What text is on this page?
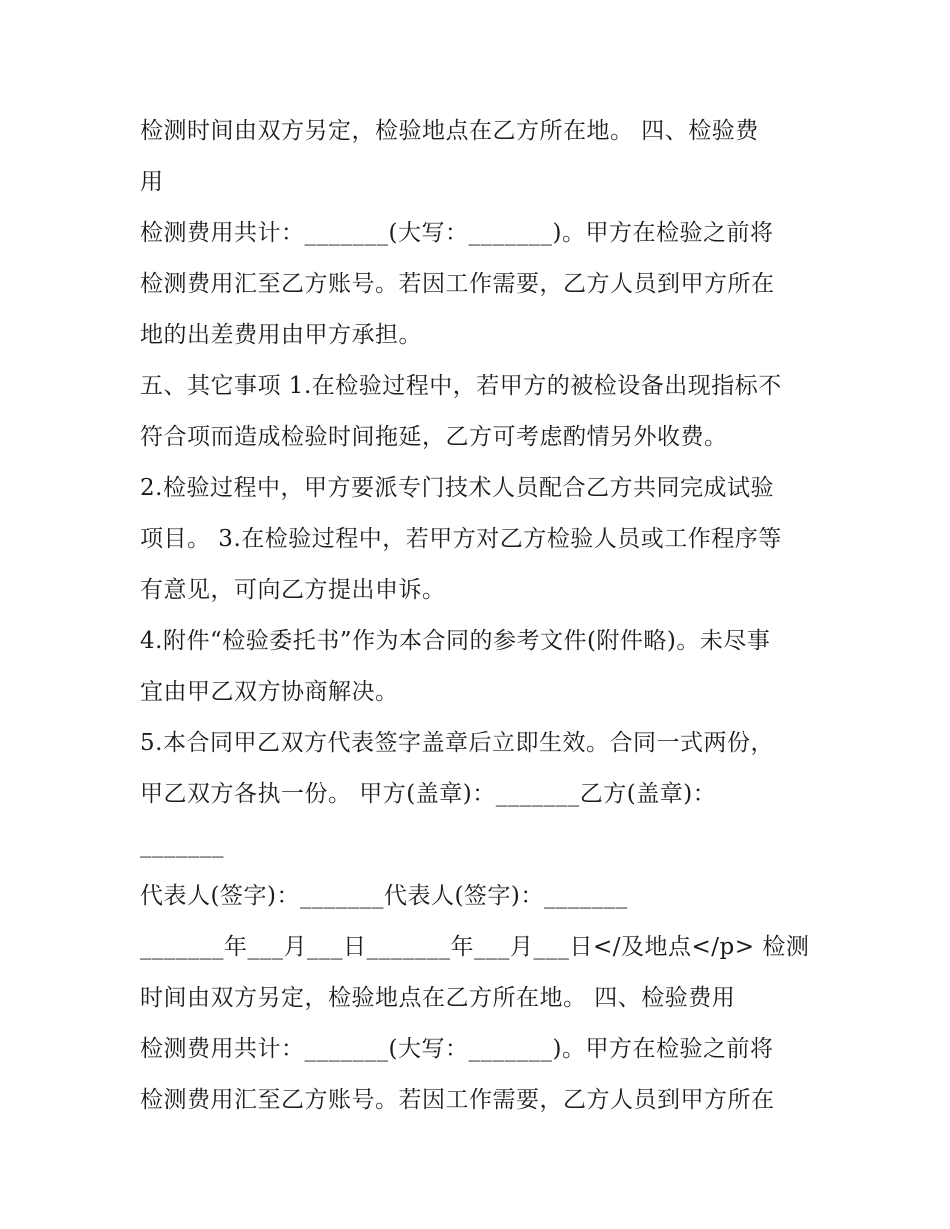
检测时间由双方另定，检验地点在乙方所在地。 四、检验费
用
检测费用共计：_______(大写：_______)。甲方在检验之前将
检测费用汇至乙方账号。若因工作需要，乙方人员到甲方所在
地的出差费用由甲方承担。
五、其它事项 1.在检验过程中，若甲方的被检设备出现指标不
符合项而造成检验时间拖延，乙方可考虑酌情另外收费。
2.检验过程中，甲方要派专门技术人员配合乙方共同完成试验
项目。 3.在检验过程中，若甲方对乙方检验人员或工作程序等
有意见，可向乙方提出申诉。
4.附件“检验委托书”作为本合同的参考文件(附件略)。未尽事
宜由甲乙双方协商解决。
5.本合同甲乙双方代表签字盖章后立即生效。合同一式两份，
甲乙双方各执一份。 甲方(盖章)：_______乙方(盖章)：
_______
代表人(签字)：_______代表人(签字)：_______
_______年___月___日_______年___月___日</及地点</p> 检测
时间由双方另定，检验地点在乙方所在地。 四、检验费用
检测费用共计：_______(大写：_______)。甲方在检验之前将
检测费用汇至乙方账号。若因工作需要，乙方人员到甲方所在
